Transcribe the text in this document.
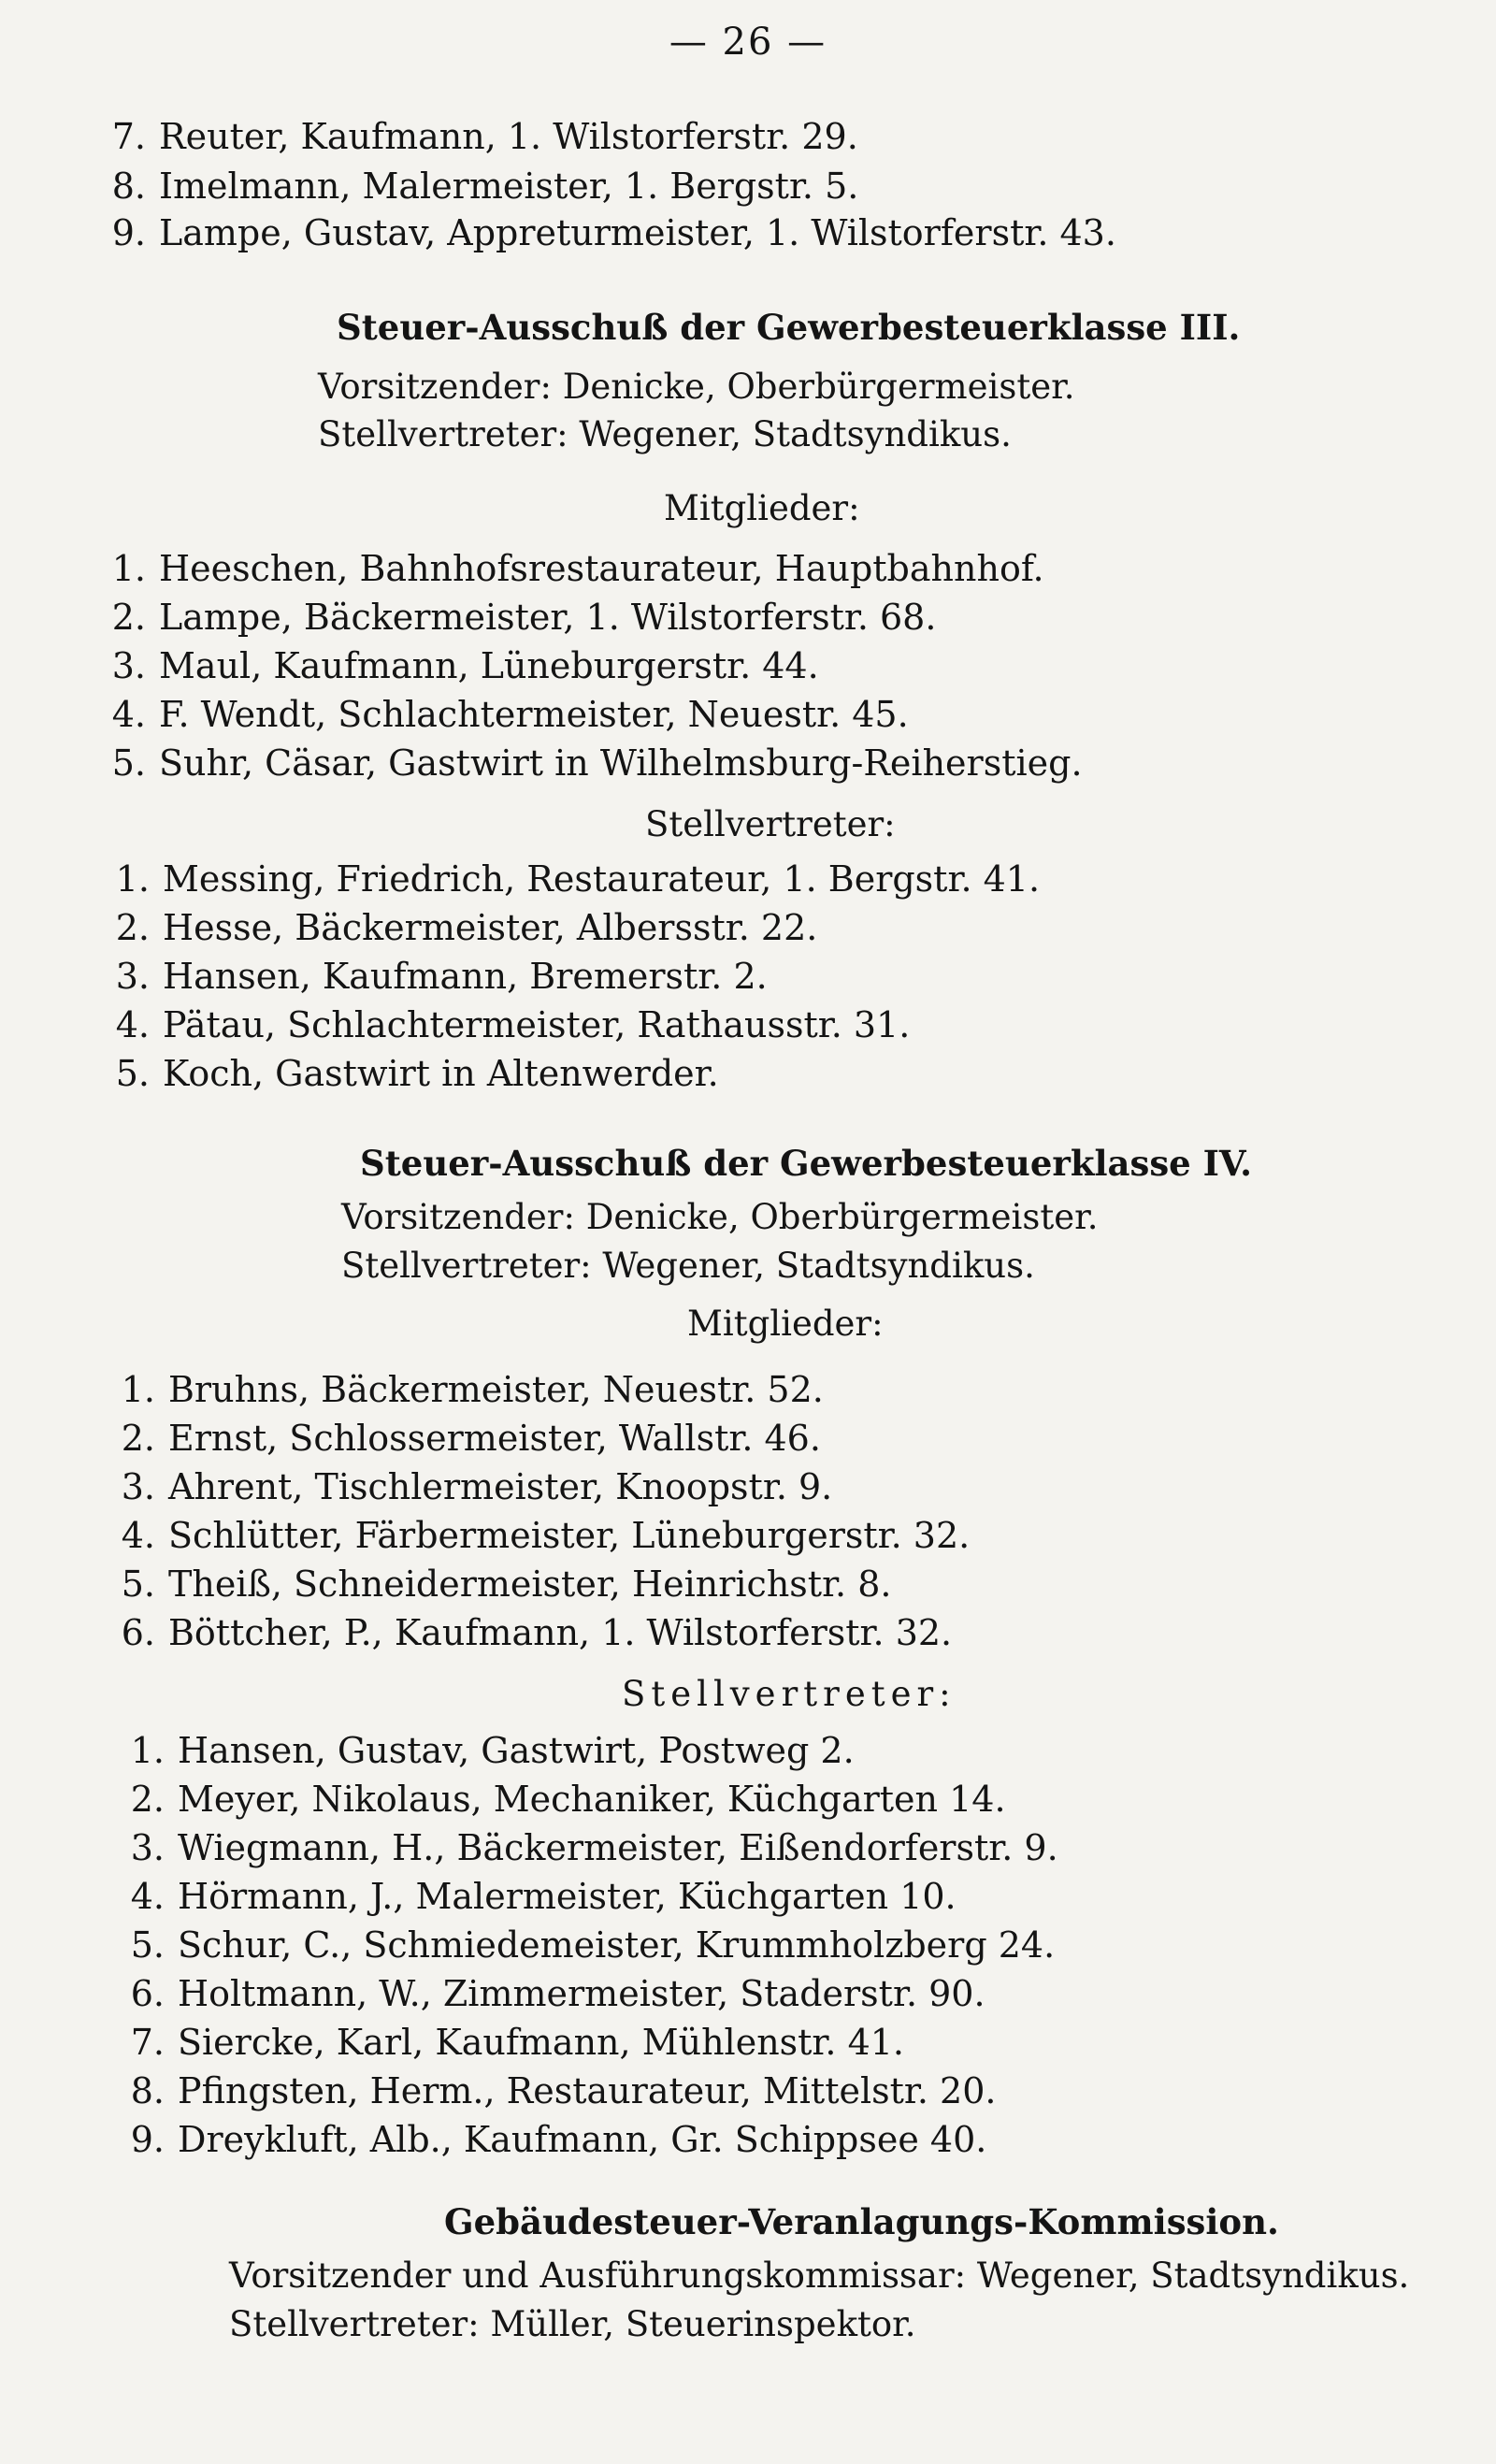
— 26 —
7. Reuter, Kaufmann, 1. Wilstorferstr. 29.
8. Imelmann, Malermeister, 1. Bergstr. 5.
9. Lampe, Gustav, Appreturmeister, 1. Wilstorferstr. 43.
Steuer-Ausschuß der Gewerbesteuerklasse III.
Vorsitzender: Denicke, Oberbürgermeister.
Stellvertreter: Wegener, Stadtsyndikus.
Mitglieder:
1. Heeschen, Bahnhofsrestaurateur, Hauptbahnhof.
2. Lampe, Bäckermeister, 1. Wilstorferstr. 68.
3. Maul, Kaufmann, Lüneburgerstr. 44.
4. F. Wendt, Schlachtermeister, Neuestr. 45.
5. Suhr, Cäsar, Gastwirt in Wilhelmsburg-Reiherstieg.
Stellvertreter:
1. Messing, Friedrich, Restaurateur, 1. Bergstr. 41.
2. Hesse, Bäckermeister, Albersstr. 22.
3. Hansen, Kaufmann, Bremerstr. 2.
4. Pätau, Schlachtermeister, Rathausstr. 31.
5. Koch, Gastwirt in Altenwerder.
Steuer-Ausschuß der Gewerbesteuerklasse IV.
Vorsitzender: Denicke, Oberbürgermeister.
Stellvertreter: Wegener, Stadtsyndikus.
Mitglieder:
1. Bruhns, Bäckermeister, Neuestr. 52.
2. Ernst, Schlossermeister, Wallstr. 46.
3. Ahrent, Tischlermeister, Knoopstr. 9.
4. Schlütter, Färbermeister, Lüneburgerstr. 32.
5. Theiß, Schneidermeister, Heinrichstr. 8.
6. Böttcher, P., Kaufmann, 1. Wilstorferstr. 32.
Stellvertreter:
1. Hansen, Gustav, Gastwirt, Postweg 2.
2. Meyer, Nikolaus, Mechaniker, Küchgarten 14.
3. Wiegmann, H., Bäckermeister, Eißendorferstr. 9.
4. Hörmann, J., Malermeister, Küchgarten 10.
5. Schur, C., Schmiedemeister, Krummholzberg 24.
6. Holtmann, W., Zimmermeister, Staderstr. 90.
7. Siercke, Karl, Kaufmann, Mühlenstr. 41.
8. Pfingsten, Herm., Restaurateur, Mittelstr. 20.
9. Dreykluft, Alb., Kaufmann, Gr. Schippsee 40.
Gebäudesteuer-Veranlagungs-Kommission.
Vorsitzender und Ausführungskommissar: Wegener, Stadtsyndikus.
Stellvertreter: Müller, Steuerinspektor.
